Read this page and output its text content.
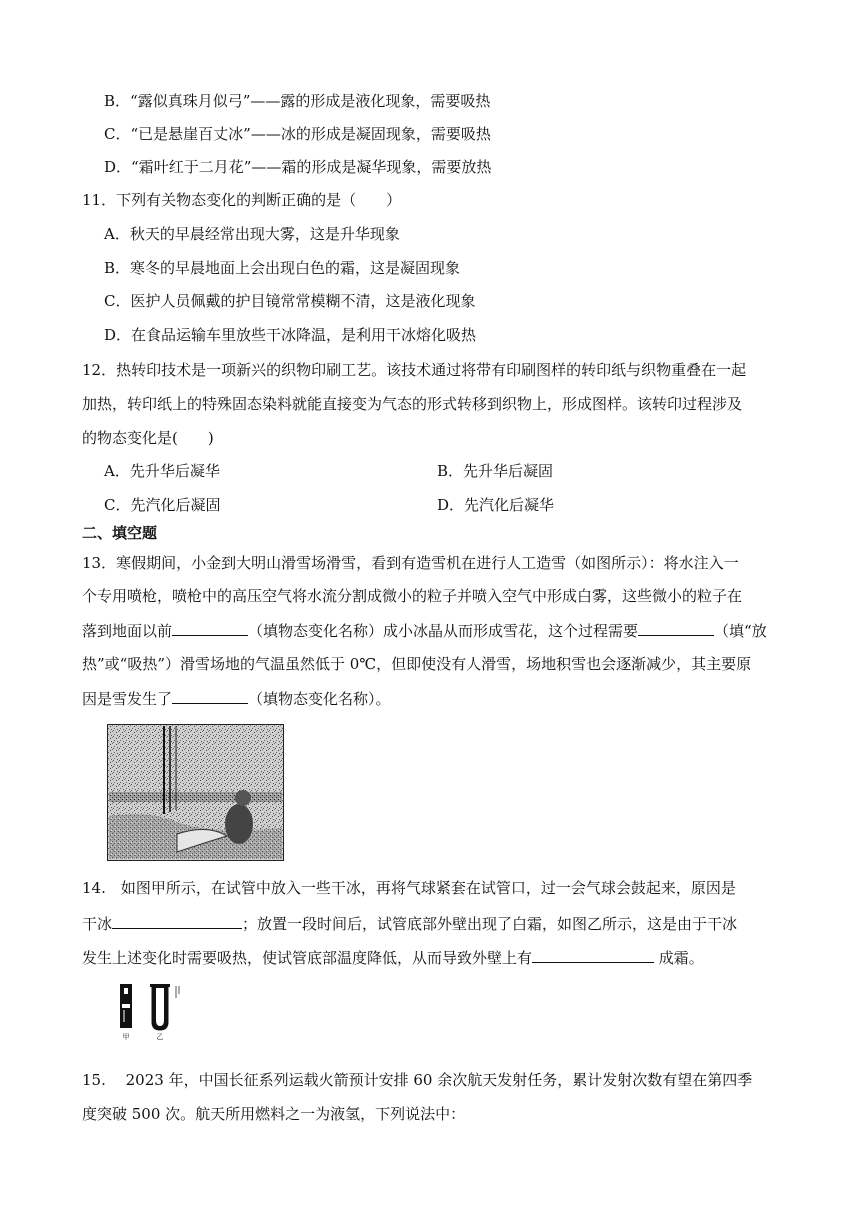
B．“露似真珠月似弓”——露的形成是液化现象，需要吸热
C．“已是悬崖百丈冰”——冰的形成是凝固现象，需要吸热
D．“霜叶红于二月花”——霜的形成是凝华现象，需要放热
11．下列有关物态变化的判断正确的是（　　）
A．秋天的早晨经常出现大雾，这是升华现象
B．寒冬的早晨地面上会出现白色的霜，这是凝固现象
C．医护人员佩戴的护目镜常常模糊不清，这是液化现象
D．在食品运输车里放些干冰降温，是利用干冰熔化吸热
12．热转印技术是一项新兴的织物印刷工艺。该技术通过将带有印刷图样的转印纸与织物重叠在一起
加热，转印纸上的特殊固态染料就能直接变为气态的形式转移到织物上，形成图样。该转印过程涉及
的物态变化是(　　)
A．先升华后凝华	B．先升华后凝固
C．先汽化后凝固	D．先汽化后凝华
二、填空题
13．寒假期间，小金到大明山滑雪场滑雪，看到有造雪机在进行人工造雪（如图所示）：将水注入一
个专用喷枪，喷枪中的高压空气将水流分割成微小的粒子并喷入空气中形成白雾，这些微小的粒子在
落到地面以前	（填物态变化名称）成小冰晶从而形成雪花，这个过程需要	（填“放
热”或“吸热”）滑雪场地的气温虽然低于 0℃，但即使没有人滑雪，场地积雪也会逐渐减少，其主要原
因是雪发生了	（填物态变化名称）。
14.　如图甲所示，在试管中放入一些干冰，再将气球紧套在试管口，过一会气球会鼓起来，原因是
干冰	；放置一段时间后，试管底部外壁出现了白霜，如图乙所示，这是由于干冰
发生上述变化时需要吸热，使试管底部温度降低，从而导致外壁上有	成霜。
甲	乙
15.　 2023 年，中国长征系列运载火箭预计安排 60 余次航天发射任务，累计发射次数有望在第四季
度突破 500 次。航天所用燃料之一为液氢，下列说法中：
